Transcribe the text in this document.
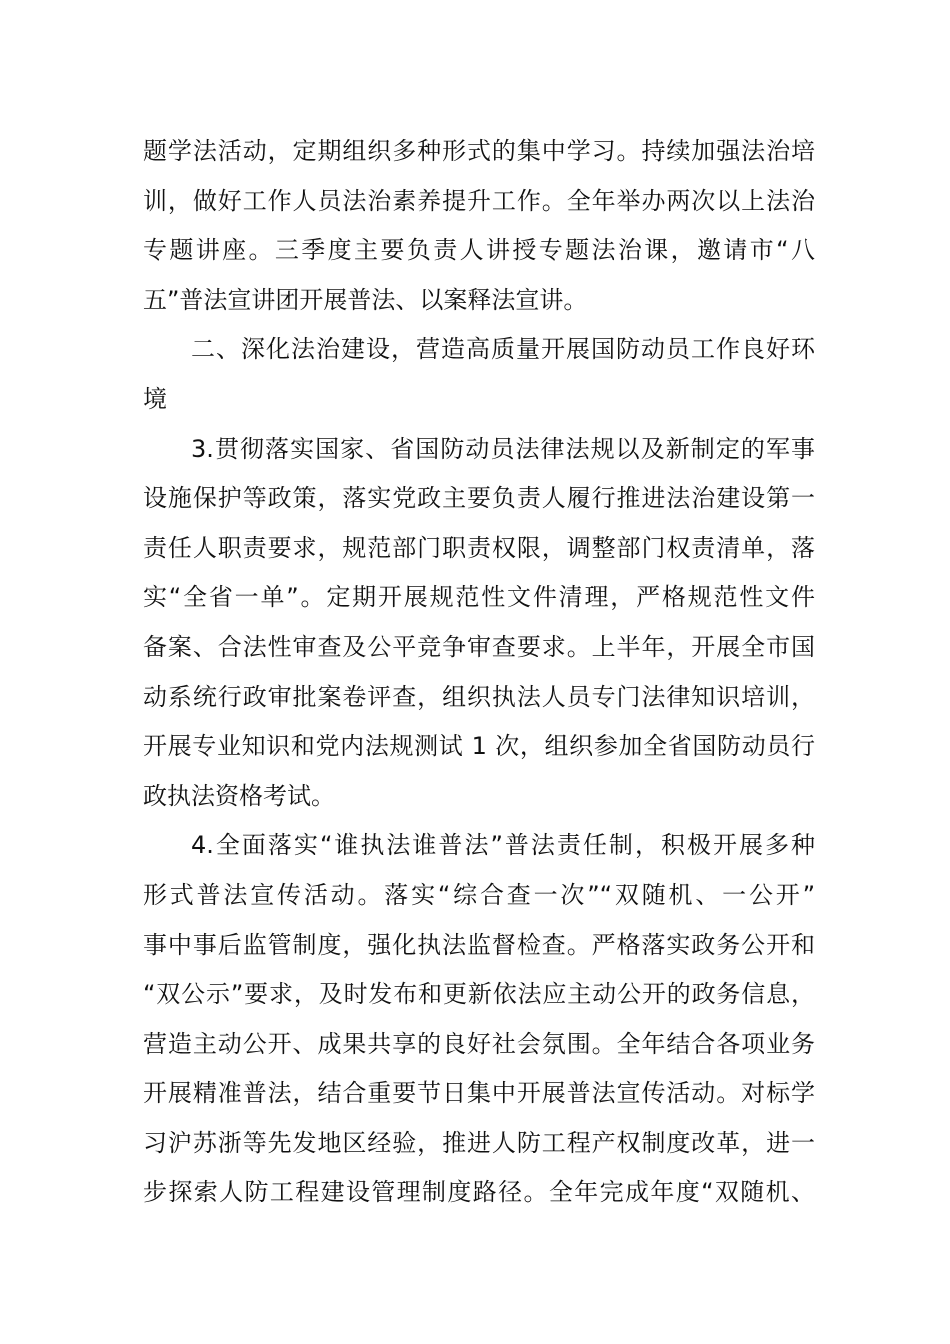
题学法活动，定期组织多种形式的集中学习。持续加强法治培
训，做好工作人员法治素养提升工作。全年举办两次以上法治
专题讲座。三季度主要负责人讲授专题法治课，邀请市“八
五”普法宣讲团开展普法、以案释法宣讲。
二、深化法治建设，营造高质量开展国防动员工作良好环
境
3.贯彻落实国家、省国防动员法律法规以及新制定的军事
设施保护等政策，落实党政主要负责人履行推进法治建设第一
责任人职责要求，规范部门职责权限，调整部门权责清单，落
实“全省一单”。定期开展规范性文件清理，严格规范性文件
备案、合法性审查及公平竞争审查要求。上半年，开展全市国
动系统行政审批案卷评查，组织执法人员专门法律知识培训，
开展专业知识和党内法规测试 1 次，组织参加全省国防动员行
政执法资格考试。
4.全面落实“谁执法谁普法”普法责任制，积极开展多种
形式普法宣传活动。落实“综合查一次”“双随机、一公开”
事中事后监管制度，强化执法监督检查。严格落实政务公开和
“双公示”要求，及时发布和更新依法应主动公开的政务信息，
营造主动公开、成果共享的良好社会氛围。全年结合各项业务
开展精准普法，结合重要节日集中开展普法宣传活动。对标学
习沪苏浙等先发地区经验，推进人防工程产权制度改革，进一
步探索人防工程建设管理制度路径。全年完成年度“双随机、
